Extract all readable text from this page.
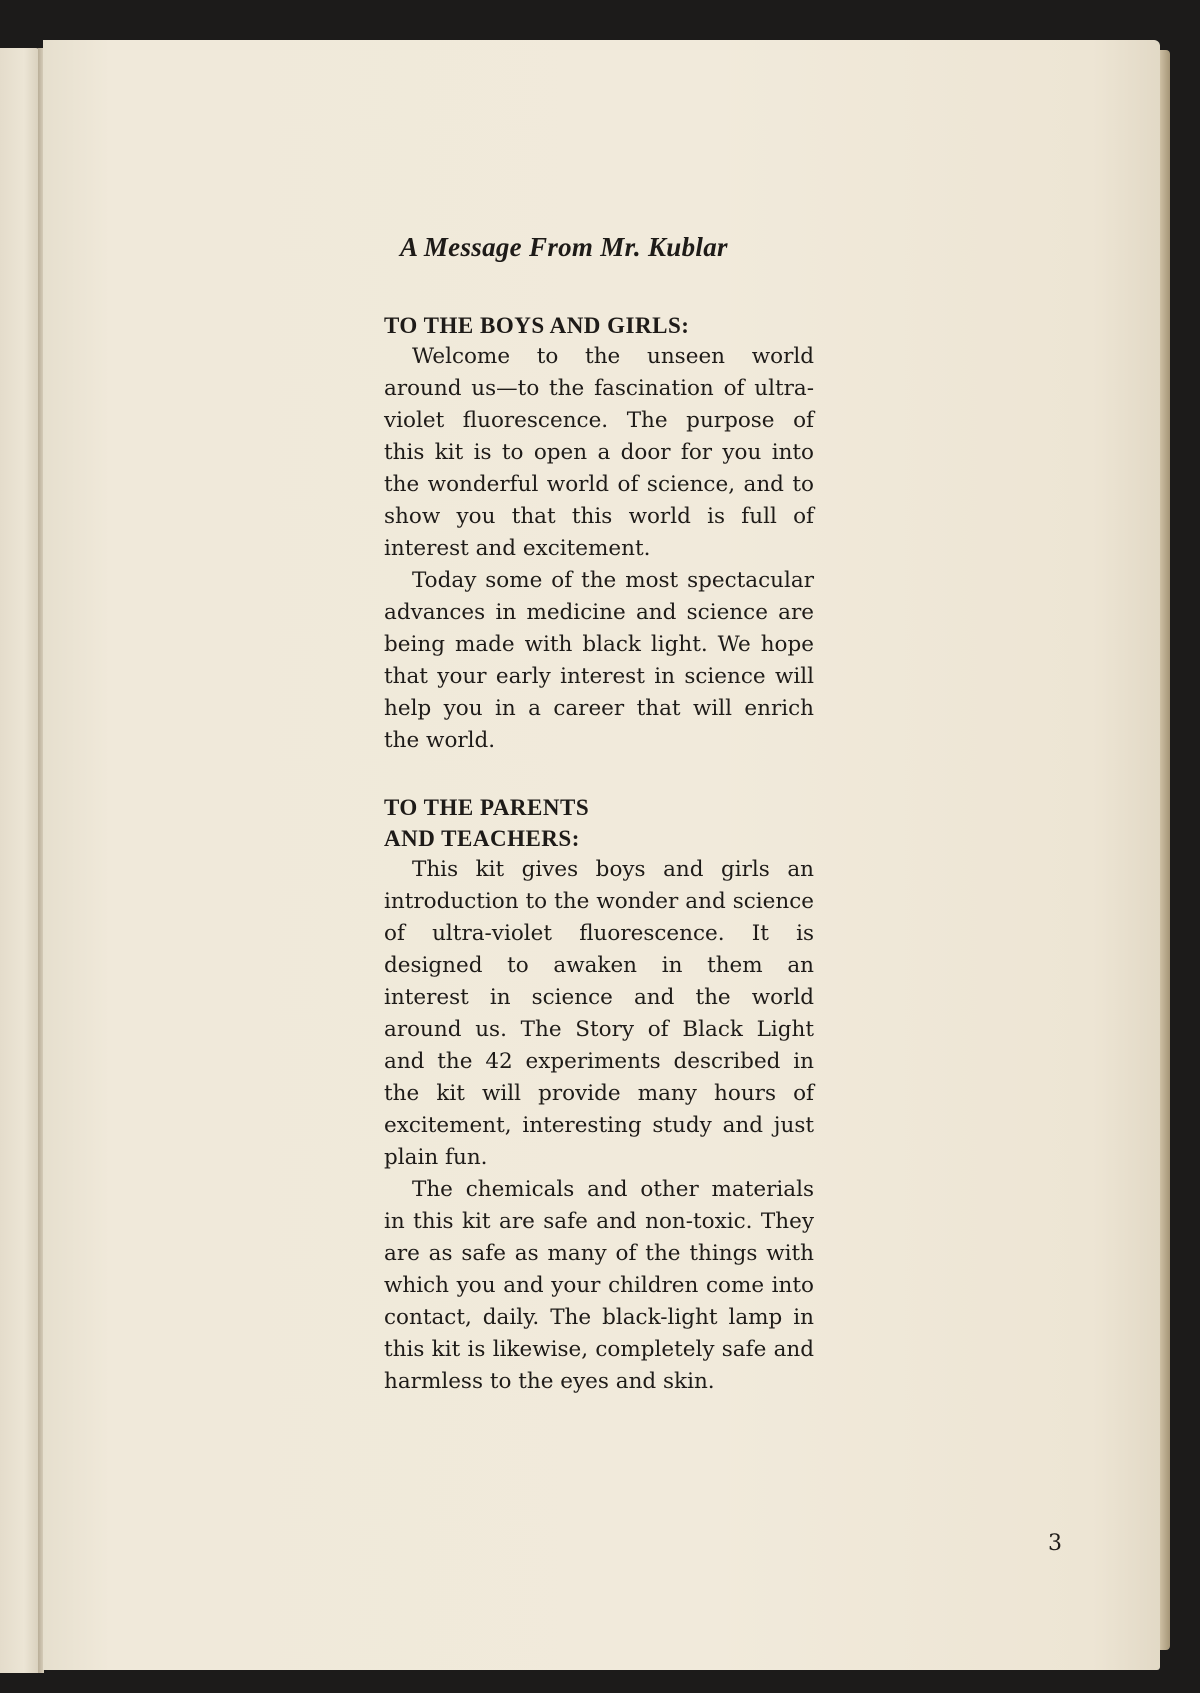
A Message From Mr. Kublar
TO THE BOYS AND GIRLS:

Welcome to the unseen world around us—to the fascination of ultra-violet fluorescence. The purpose of this kit is to open a door for you into the wonderful world of science, and to show you that this world is full of interest and excitement.

Today some of the most spectacular advances in medicine and science are being made with black light. We hope that your early interest in science will help you in a career that will enrich the world.

TO THE PARENTS
AND TEACHERS:

This kit gives boys and girls an introduction to the wonder and science of ultra-violet fluorescence. It is designed to awaken in them an interest in science and the world around us. The Story of Black Light and the 42 experiments described in the kit will provide many hours of excitement, interesting study and just plain fun.

The chemicals and other materials in this kit are safe and non-toxic. They are as safe as many of the things with which you and your children come into contact, daily. The black-light lamp in this kit is likewise, completely safe and harmless to the eyes and skin.

3
